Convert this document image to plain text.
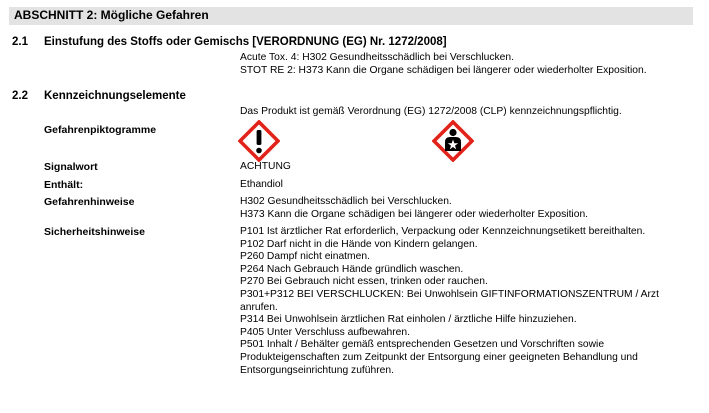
ABSCHNITT 2: Mögliche Gefahren
2.1 Einstufung des Stoffs oder Gemischs [VERORDNUNG (EG) Nr. 1272/2008]
Acute Tox. 4: H302 Gesundheitsschädlich bei Verschlucken.
STOT RE 2: H373 Kann die Organe schädigen bei längerer oder wiederholter Exposition.
2.2 Kennzeichnungselemente
Das Produkt ist gemäß Verordnung (EG) 1272/2008 (CLP) kennzeichnungspflichtig.
Gefahrenpiktogramme
Signalwort	ACHTUNG
Enthält:	Ethandiol
Gefahrenhinweise	H302 Gesundheitsschädlich bei Verschlucken.
H373 Kann die Organe schädigen bei längerer oder wiederholter Exposition.
Sicherheitshinweise	P101 Ist ärztlicher Rat erforderlich, Verpackung oder Kennzeichnungsetikett bereithalten.
P102 Darf nicht in die Hände von Kindern gelangen.
P260 Dampf nicht einatmen.
P264 Nach Gebrauch Hände gründlich waschen.
P270 Bei Gebrauch nicht essen, trinken oder rauchen.
P301+P312 BEI VERSCHLUCKEN: Bei Unwohlsein GIFTINFORMATIONSZENTRUM / Arzt anrufen.
P314 Bei Unwohlsein ärztlichen Rat einholen / ärztliche Hilfe hinzuziehen.
P405 Unter Verschluss aufbewahren.
P501 Inhalt / Behälter gemäß entsprechenden Gesetzen und Vorschriften sowie Produkteigenschaften zum Zeitpunkt der Entsorgung einer geeigneten Behandlung und Entsorgungseinrichtung zuführen.
